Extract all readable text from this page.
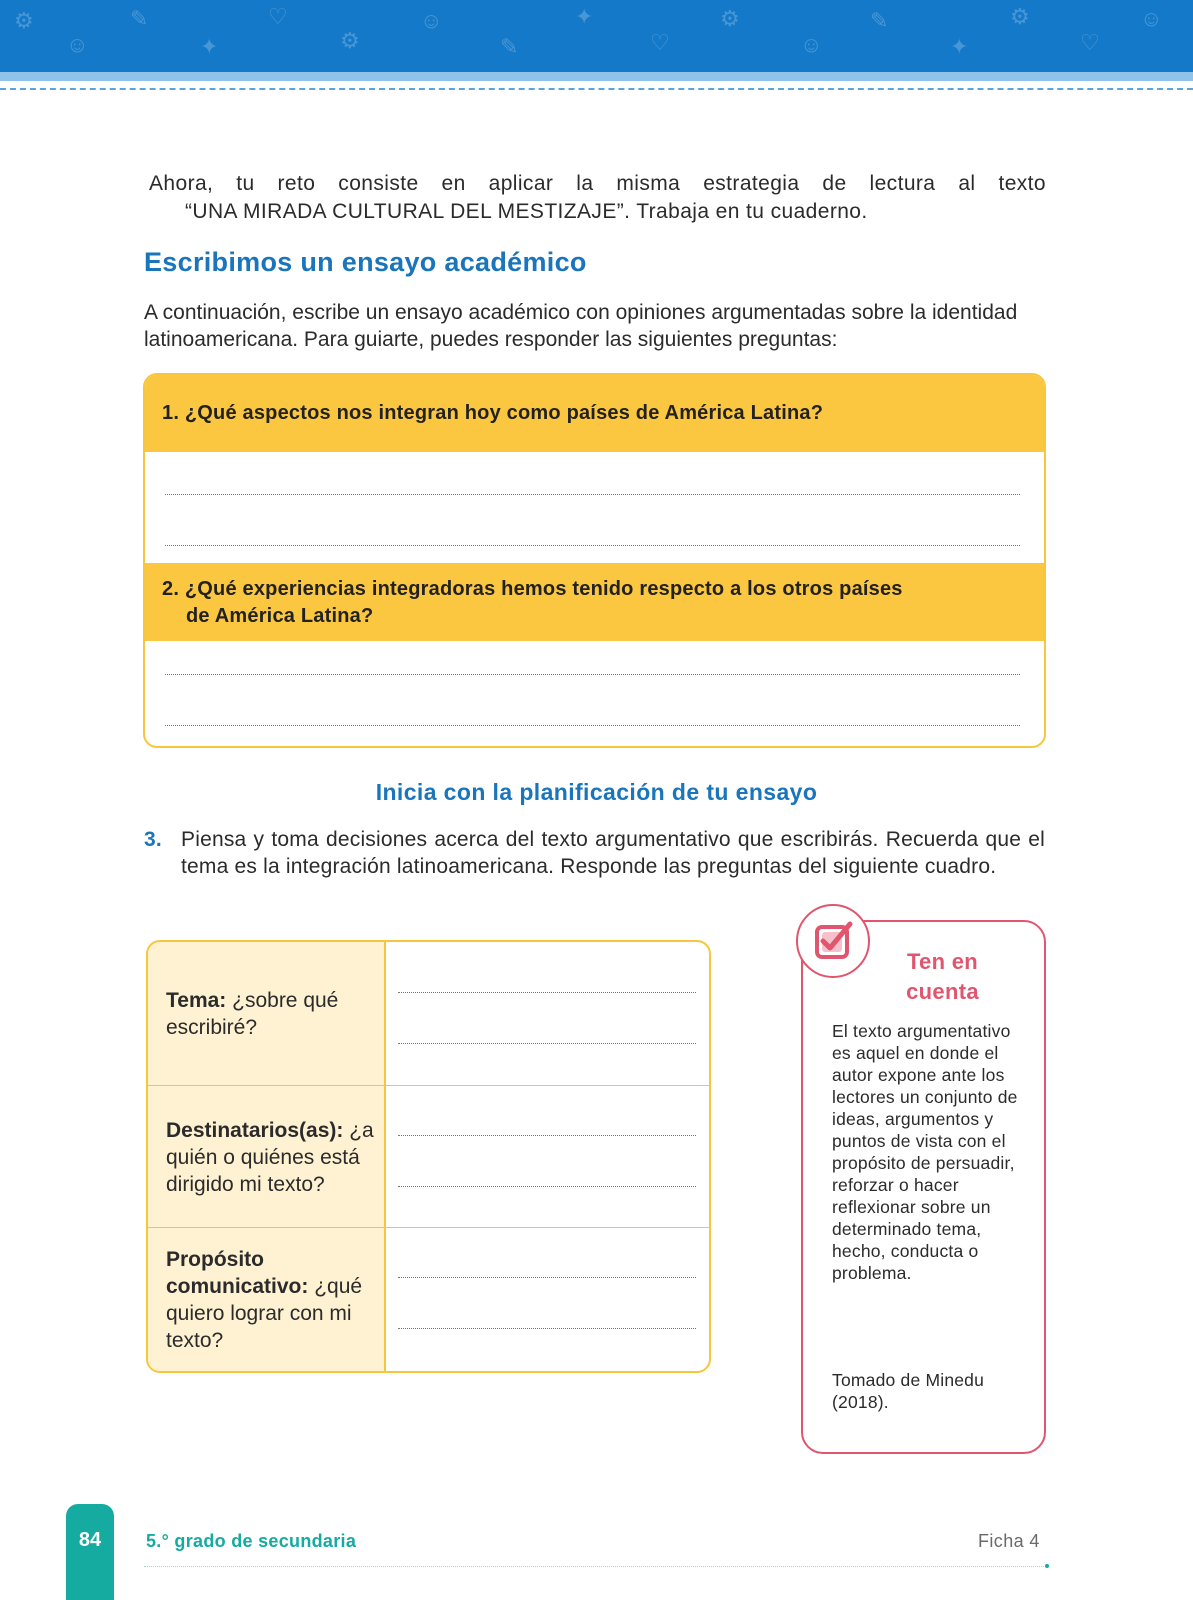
⚙
☺
✎
✦
♡
⚙
☺
✎
✦
♡
⚙
☺
✎
✦
⚙
♡
☺
Ahora, tu reto consiste en aplicar la misma estrategia de lectura al texto
“UNA MIRADA CULTURAL DEL MESTIZAJE”. Trabaja en tu cuaderno.
Escribimos un ensayo académico
A continuación, escribe un ensayo académico con opiniones argumentadas sobre la identidad latinoamericana. Para guiarte, puedes responder las siguientes preguntas:
1. ¿Qué aspectos nos integran hoy como países de América Latina?
2. ¿Qué experiencias integradoras hemos tenido respecto a los otros países
de América Latina?
Inicia con la planificación de tu ensayo
3. Piensa y toma decisiones acerca del texto argumentativo que escribirás. Recuerda que el tema es la integración latinoamericana. Responde las preguntas del siguiente cuadro.
Tema: ¿sobre qué escribiré?
Destinatarios(as): ¿a quién o quiénes está dirigido mi texto?
Propósito comunicativo: ¿qué quiero lograr con mi texto?
Ten en
cuenta
El texto argumentativo es aquel en donde el autor expone ante los lectores un conjunto de ideas, argumentos y puntos de vista con el propósito de persuadir, reforzar o hacer reflexionar sobre un determinado tema, hecho, conducta o problema.
Tomado de Minedu (2018).
84	5.° grado de secundaria	Ficha 4
